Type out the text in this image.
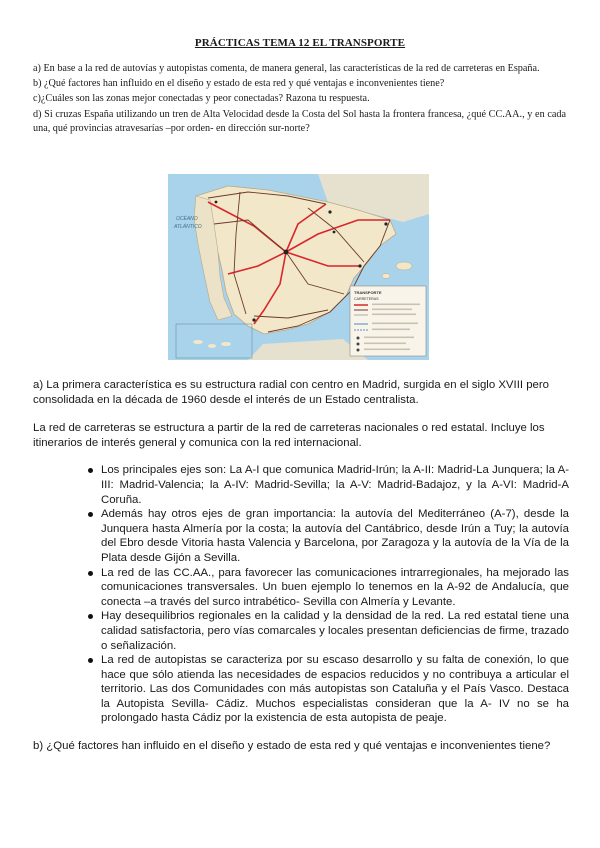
PRÁCTICAS TEMA 12 EL TRANSPORTE

a) En base a la red de autovías y autopistas comenta, de manera general, las características de la red de carreteras en España.

b) ¿Qué factores han influido en el diseño y estado de esta red y qué ventajas e inconvenientes tiene?

c)¿Cuáles son las zonas mejor conectadas y peor conectadas? Razona tu respuesta.

d) Si cruzas España utilizando un tren de Alta Velocidad desde la Costa del Sol hasta la frontera francesa, ¿qué CC.AA., y en cada una, qué provincias atravesarías –por orden- en dirección sur-norte?

OCÉANO
ATLÁNTICO
TRANSPORTE
CARRETERAS

a) La primera característica es su estructura radial con centro en Madrid, surgida en el siglo XVIII pero consolidada en la década de 1960 desde el interés de un Estado centralista.

La red de carreteras se estructura a partir de la red de carreteras nacionales o red estatal. Incluye los itinerarios de interés general y comunica con la red internacional.

Los principales ejes son: La A-I que comunica Madrid-Irún; la A-II: Madrid-La Junquera; la A-III: Madrid-Valencia; la A-IV: Madrid-Sevilla; la A-V: Madrid-Badajoz, y la A-VI: Madrid-A Coruña.
Además hay otros ejes de gran importancia: la autovía del Mediterráneo (A-7), desde la Junquera hasta Almería por la costa; la autovía del Cantábrico, desde Irún a Tuy; la autovía del Ebro desde Vitoria hasta Valencia y Barcelona, por Zaragoza y la autovía de la Vía de la Plata desde Gijón a Sevilla.
La red de las CC.AA., para favorecer las comunicaciones intrarregionales, ha mejorado las comunicaciones transversales. Un buen ejemplo lo tenemos en la A-92 de Andalucía, que conecta –a través del surco intrabético- Sevilla con Almería y Levante.
Hay desequilibrios regionales en la calidad y la densidad de la red. La red estatal tiene una calidad satisfactoria, pero vías comarcales y locales presentan deficiencias de firme, trazado o señalización.
La red de autopistas se caracteriza por su escaso desarrollo y su falta de conexión, lo que hace que sólo atienda las necesidades de espacios reducidos y no contribuya a articular el territorio. Las dos Comunidades con más autopistas son Cataluña y el País Vasco. Destaca la Autopista Sevilla- Cádiz. Muchos especialistas consideran que la A- IV no se ha prolongado hasta Cádiz por la existencia de esta autopista de peaje.

b) ¿Qué factores han influido en el diseño y estado de esta red y qué ventajas e inconvenientes tiene?
